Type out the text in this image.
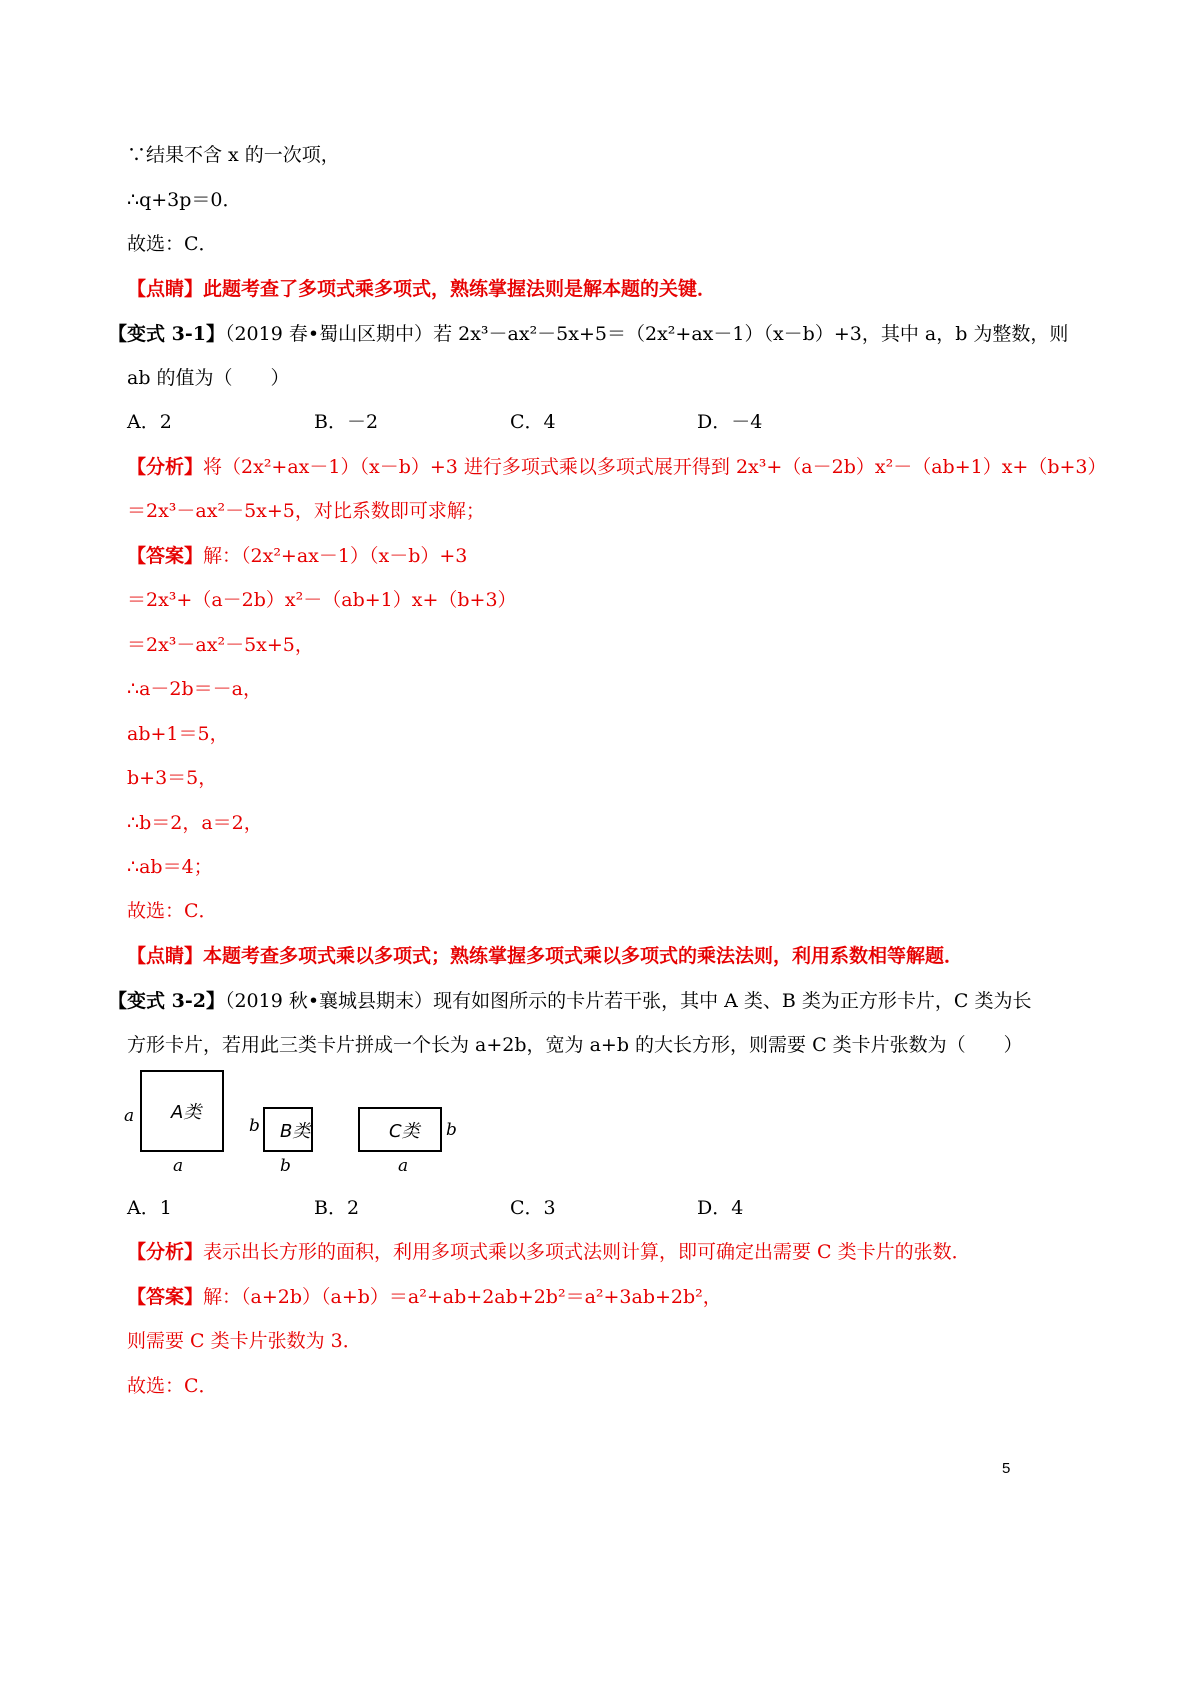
∵结果不含 x 的一次项，
∴q+3p＝0．
故选：C．
【点睛】此题考查了多项式乘多项式，熟练掌握法则是解本题的关键．
【变式 3-1】（2019 春•蜀山区期中）若 2x³－ax²－5x+5＝（2x²+ax－1）（x－b）+3，其中 a，b 为整数，则
ab 的值为（　　）
A．2	B．－2	C．4	D．－4
【分析】将（2x²+ax－1）（x－b）+3 进行多项式乘以多项式展开得到 2x³+（a－2b）x²－（ab+1）x+（b+3）
＝2x³－ax²－5x+5，对比系数即可求解；
【答案】解：（2x²+ax－1）（x－b）+3
＝2x³+（a－2b）x²－（ab+1）x+（b+3）
＝2x³－ax²－5x+5，
∴a－2b＝－a，
ab+1＝5，
b+3＝5，
∴b＝2，a＝2，
∴ab＝4；
故选：C．
【点睛】本题考查多项式乘以多项式；熟练掌握多项式乘以多项式的乘法法则，利用系数相等解题．
【变式 3-2】（2019 秋•襄城县期末）现有如图所示的卡片若干张，其中 A 类、B 类为正方形卡片，C 类为长
方形卡片，若用此三类卡片拼成一个长为 a+2b，宽为 a+b 的大长方形，则需要 C 类卡片张数为（　　）
A类
a
a
B类
b
b
C类 b
a
A．1	B．2	C．3	D．4
【分析】表示出长方形的面积，利用多项式乘以多项式法则计算，即可确定出需要 C 类卡片的张数．
【答案】解：（a+2b）（a+b）＝a²+ab+2ab+2b²＝a²+3ab+2b²，
则需要 C 类卡片张数为 3．
故选：C．
5
